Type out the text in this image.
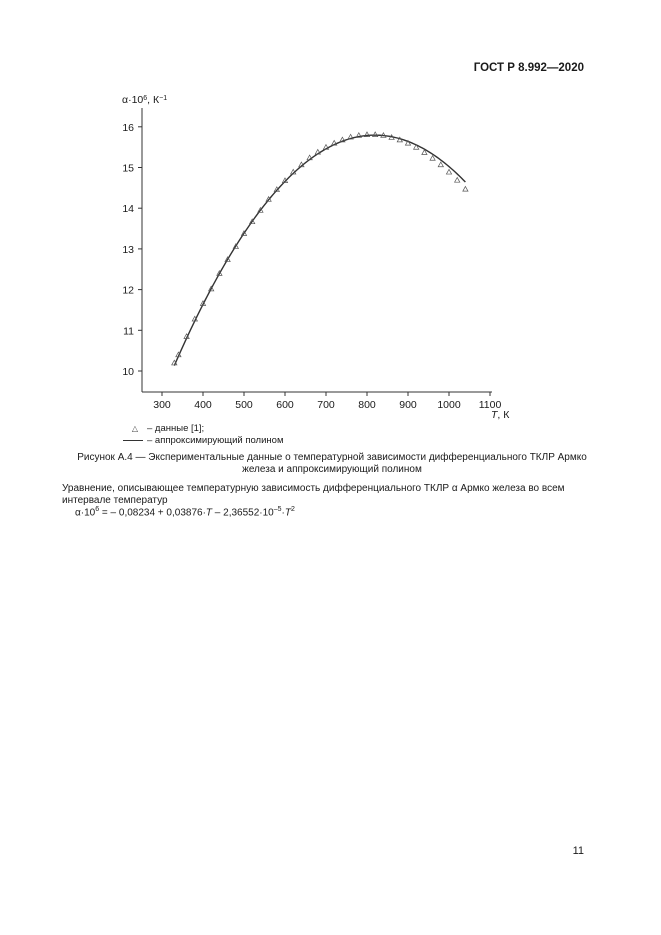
ГОСТ Р 8.992—2020
300 400 500 600 700 800 900 1000 1100
10
11
12
13
14
15
16
$\alpha\cdot 10^6$, $К^{-1}$
Т, К
△ – данные [1];
– аппроксимирующий полином
Рисунок А.4 — Экспериментальные данные о температурной зависимости дифференциального ТКЛР Армко железа и аппроксимирующий полином
Уравнение, описывающее температурную зависимость дифференциального ТКЛР α Армко железа во всем интервале температур
$\alpha\cdot 10^6$ = – $0,08234 + 0,03876\cdot Т - 2,36552\cdot 10^{-5}\cdot Т^2$
11
